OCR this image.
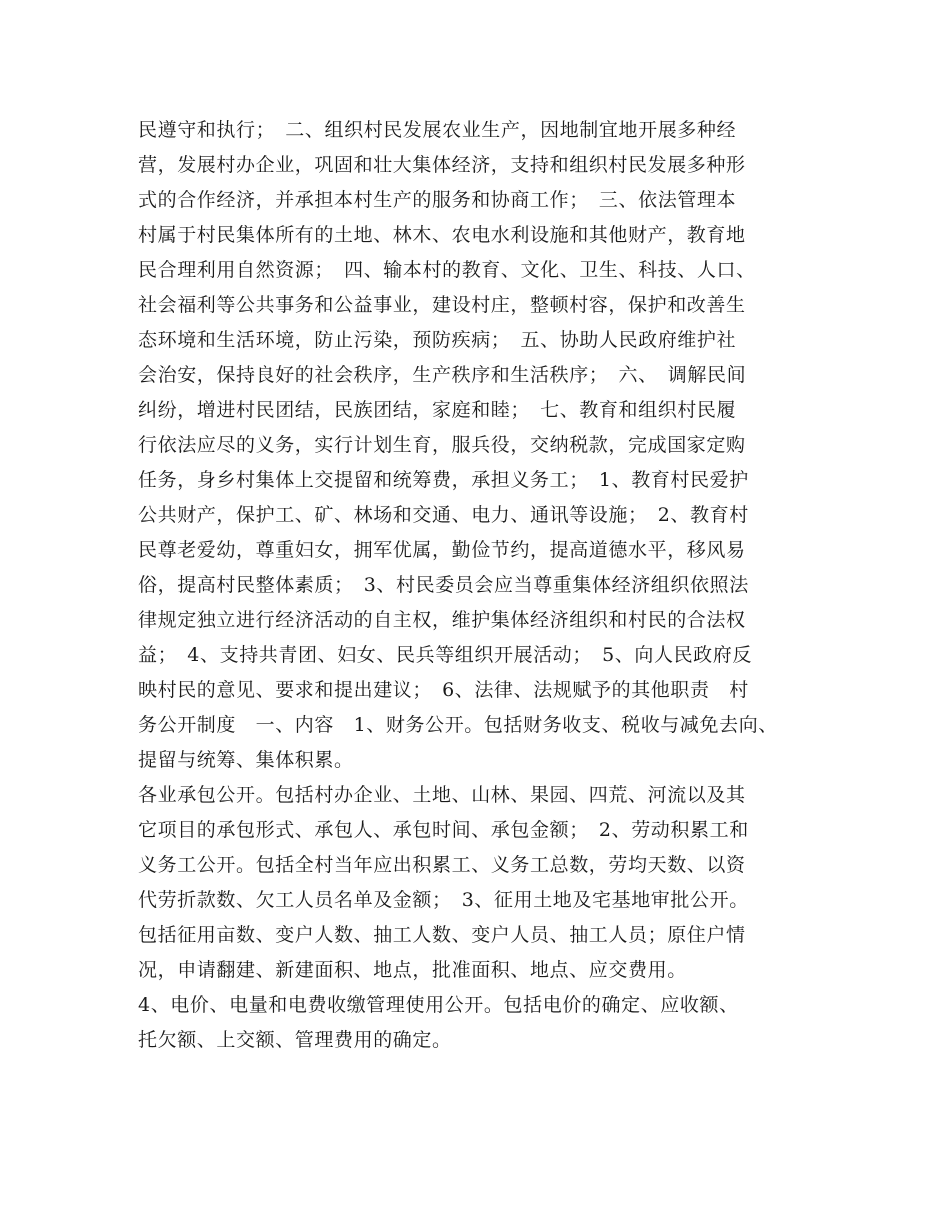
民遵守和执行；　二、组织村民发展农业生产，因地制宜地开展多种经
营，发展村办企业，巩固和壮大集体经济，支持和组织村民发展多种形
式的合作经济，并承担本村生产的服务和协商工作；　三、依法管理本
村属于村民集体所有的土地、林木、农电水利设施和其他财产，教育地
民合理利用自然资源；　四、输本村的教育、文化、卫生、科技、人口、
社会福利等公共事务和公益事业，建设村庄，整顿村容，保护和改善生
态环境和生活环境，防止污染，预防疾病；　五、协助人民政府维护社
会治安，保持良好的社会秩序，生产秩序和生活秩序；　六、　调解民间
纠纷，增进村民团结，民族团结，家庭和睦；　七、教育和组织村民履
行依法应尽的义务，实行计划生育，服兵役，交纳税款，完成国家定购
任务，身乡村集体上交提留和统筹费，承担义务工；　1、教育村民爱护
公共财产，保护工、矿、林场和交通、电力、通讯等设施；　2、教育村
民尊老爱幼，尊重妇女，拥军优属，勤俭节约，提高道德水平，移风易
俗，提高村民整体素质；　3、村民委员会应当尊重集体经济组织依照法
律规定独立进行经济活动的自主权，维护集体经济组织和村民的合法权
益；　4、支持共青团、妇女、民兵等组织开展活动；　5、向人民政府反
映村民的意见、要求和提出建议；　6、法律、法规赋予的其他职责　村
务公开制度　一、内容　1、财务公开。包括财务收支、税收与减免去向、
提留与统筹、集体积累。
各业承包公开。包括村办企业、土地、山林、果园、四荒、河流以及其
它项目的承包形式、承包人、承包时间、承包金额；　2、劳动积累工和
义务工公开。包括全村当年应出积累工、义务工总数，劳均天数、以资
代劳折款数、欠工人员名单及金额；　3、征用土地及宅基地审批公开。
包括征用亩数、变户人数、抽工人数、变户人员、抽工人员；原住户情
况，申请翻建、新建面积、地点，批准面积、地点、应交费用。
4、电价、电量和电费收缴管理使用公开。包括电价的确定、应收额、
托欠额、上交额、管理费用的确定。
